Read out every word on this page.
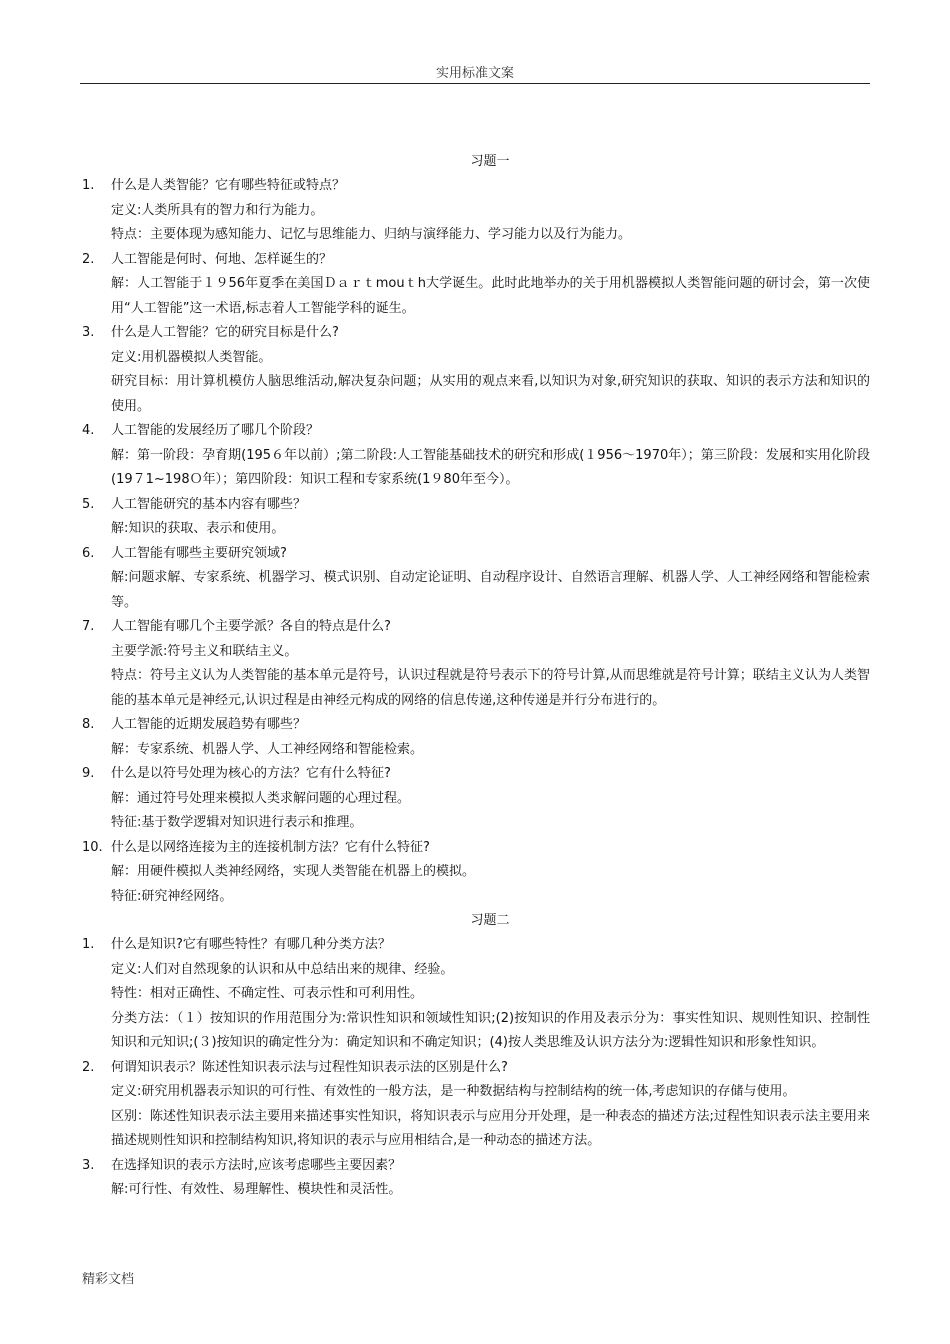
实用标准文案
习题一
1. 什么是人类智能？它有哪些特征或特点？
定义:人类所具有的智力和行为能力。
特点：主要体现为感知能力、记忆与思维能力、归纳与演绎能力、学习能力以及行为能力。
2. 人工智能是何时、何地、怎样诞生的？
解：人工智能于１９56年夏季在美国Ｄａｒｔmouｔh大学诞生。此时此地举办的关于用机器模拟人类智能问题的研讨会，第一次使用“人工智能”这一术语,标志着人工智能学科的诞生。
3. 什么是人工智能？它的研究目标是什么?
定义:用机器模拟人类智能。
研究目标：用计算机模仿人脑思维活动,解决复杂问题；从实用的观点来看,以知识为对象,研究知识的获取、知识的表示方法和知识的使用。
4. 人工智能的发展经历了哪几个阶段？
解：第一阶段：孕育期(195６年以前）;第二阶段:人工智能基础技术的研究和形成(１956～1970年）；第三阶段：发展和实用化阶段(19７1~198Ｏ年）；第四阶段：知识工程和专家系统(1９80年至今）。
5. 人工智能研究的基本内容有哪些？
解:知识的获取、表示和使用。
6. 人工智能有哪些主要研究领域?
解:问题求解、专家系统、机器学习、模式识别、自动定论证明、自动程序设计、自然语言理解、机器人学、人工神经网络和智能检索等。
7. 人工智能有哪几个主要学派？各自的特点是什么?
主要学派:符号主义和联结主义。
特点：符号主义认为人类智能的基本单元是符号，认识过程就是符号表示下的符号计算,从而思维就是符号计算；联结主义认为人类智能的基本单元是神经元,认识过程是由神经元构成的网络的信息传递,这种传递是并行分布进行的。
8. 人工智能的近期发展趋势有哪些？
解：专家系统、机器人学、人工神经网络和智能检索。
9. 什么是以符号处理为核心的方法？它有什么特征?
解：通过符号处理来模拟人类求解问题的心理过程。
特征:基于数学逻辑对知识进行表示和推理。
10. 什么是以网络连接为主的连接机制方法？它有什么特征?
解：用硬件模拟人类神经网络，实现人类智能在机器上的模拟。
特征:研究神经网络。
习题二
1. 什么是知识?它有哪些特性？有哪几种分类方法？
定义:人们对自然现象的认识和从中总结出来的规律、经验。
特性：相对正确性、不确定性、可表示性和可利用性。
分类方法：（１）按知识的作用范围分为:常识性知识和领域性知识;(2)按知识的作用及表示分为：事实性知识、规则性知识、控制性知识和元知识;(３)按知识的确定性分为：确定知识和不确定知识；(4)按人类思维及认识方法分为:逻辑性知识和形象性知识。
2. 何谓知识表示？陈述性知识表示法与过程性知识表示法的区别是什么?
定义:研究用机器表示知识的可行性、有效性的一般方法，是一种数据结构与控制结构的统一体,考虑知识的存储与使用。
区别：陈述性知识表示法主要用来描述事实性知识，将知识表示与应用分开处理，是一种表态的描述方法;过程性知识表示法主要用来描述规则性知识和控制结构知识,将知识的表示与应用相结合,是一种动态的描述方法。
3. 在选择知识的表示方法时,应该考虑哪些主要因素？
解:可行性、有效性、易理解性、模块性和灵活性。
精彩文档
